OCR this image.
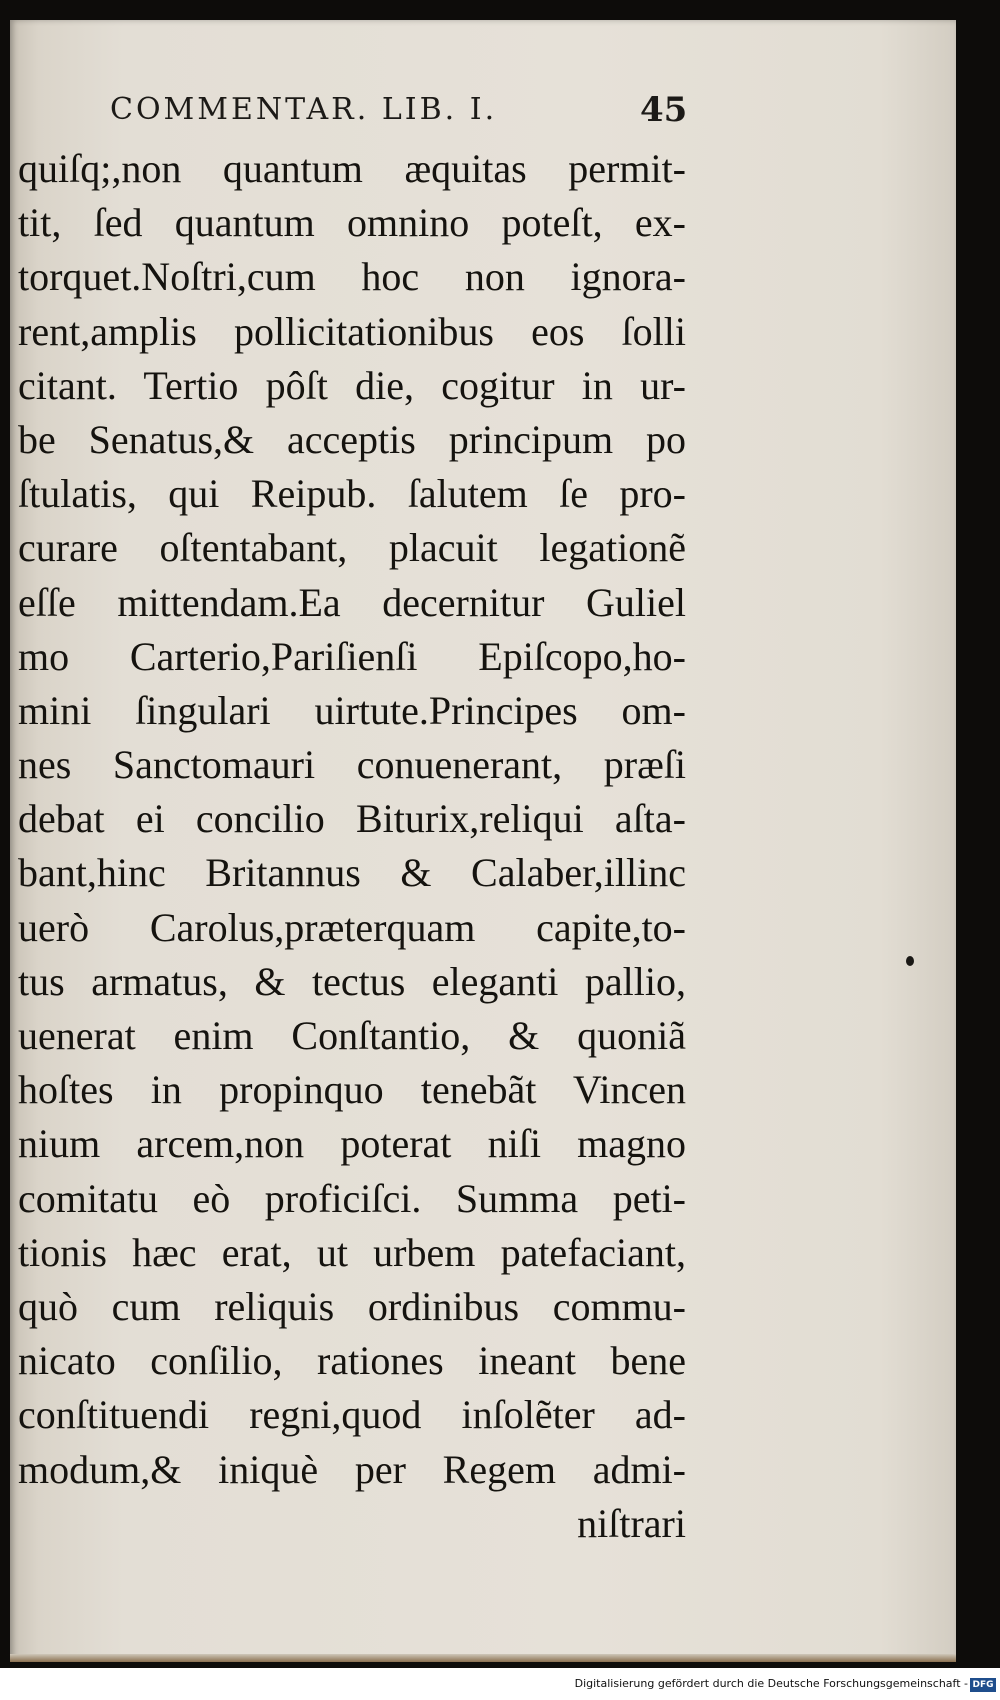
COMMENTAR. LIB. I.	45
quiſq;,non quantum æquitas permit-
tit, ſed quantum omnino poteſt, ex-
torquet.Noſtri,cum hoc non ignora-
rent,amplis pollicitationibus eos ſolli
citant. Tertio pôſt die, cogitur in ur-
be Senatus,& acceptis principum po
ſtulatis, qui Reipub. ſalutem ſe pro-
curare oſtentabant, placuit legationẽ
eſſe mittendam.Ea decernitur Guliel
mo Carterio,Pariſienſi Epiſcopo,ho-
mini ſingulari uirtute.Principes om-
nes Sanctomauri conuenerant, præſi
debat ei concilio Biturix,reliqui aſta-
bant,hinc Britannus & Calaber,illinc
uerò Carolus,præterquam capite,to-
tus armatus, & tectus eleganti pallio,
uenerat enim Conſtantio, & quoniã
hoſtes in propinquo tenebãt Vincen
nium arcem,non poterat niſi magno
comitatu eò proficiſci. Summa peti-
tionis hæc erat, ut urbem patefaciant,
quò cum reliquis ordinibus commu-
nicato conſilio, rationes ineant bene
conſtituendi regni,quod inſolẽter ad-
modum,& iniquè per Regem admi-
niſtrari
Digitalisierung gefördert durch die Deutsche Forschungsgemeinschaft - DFG
